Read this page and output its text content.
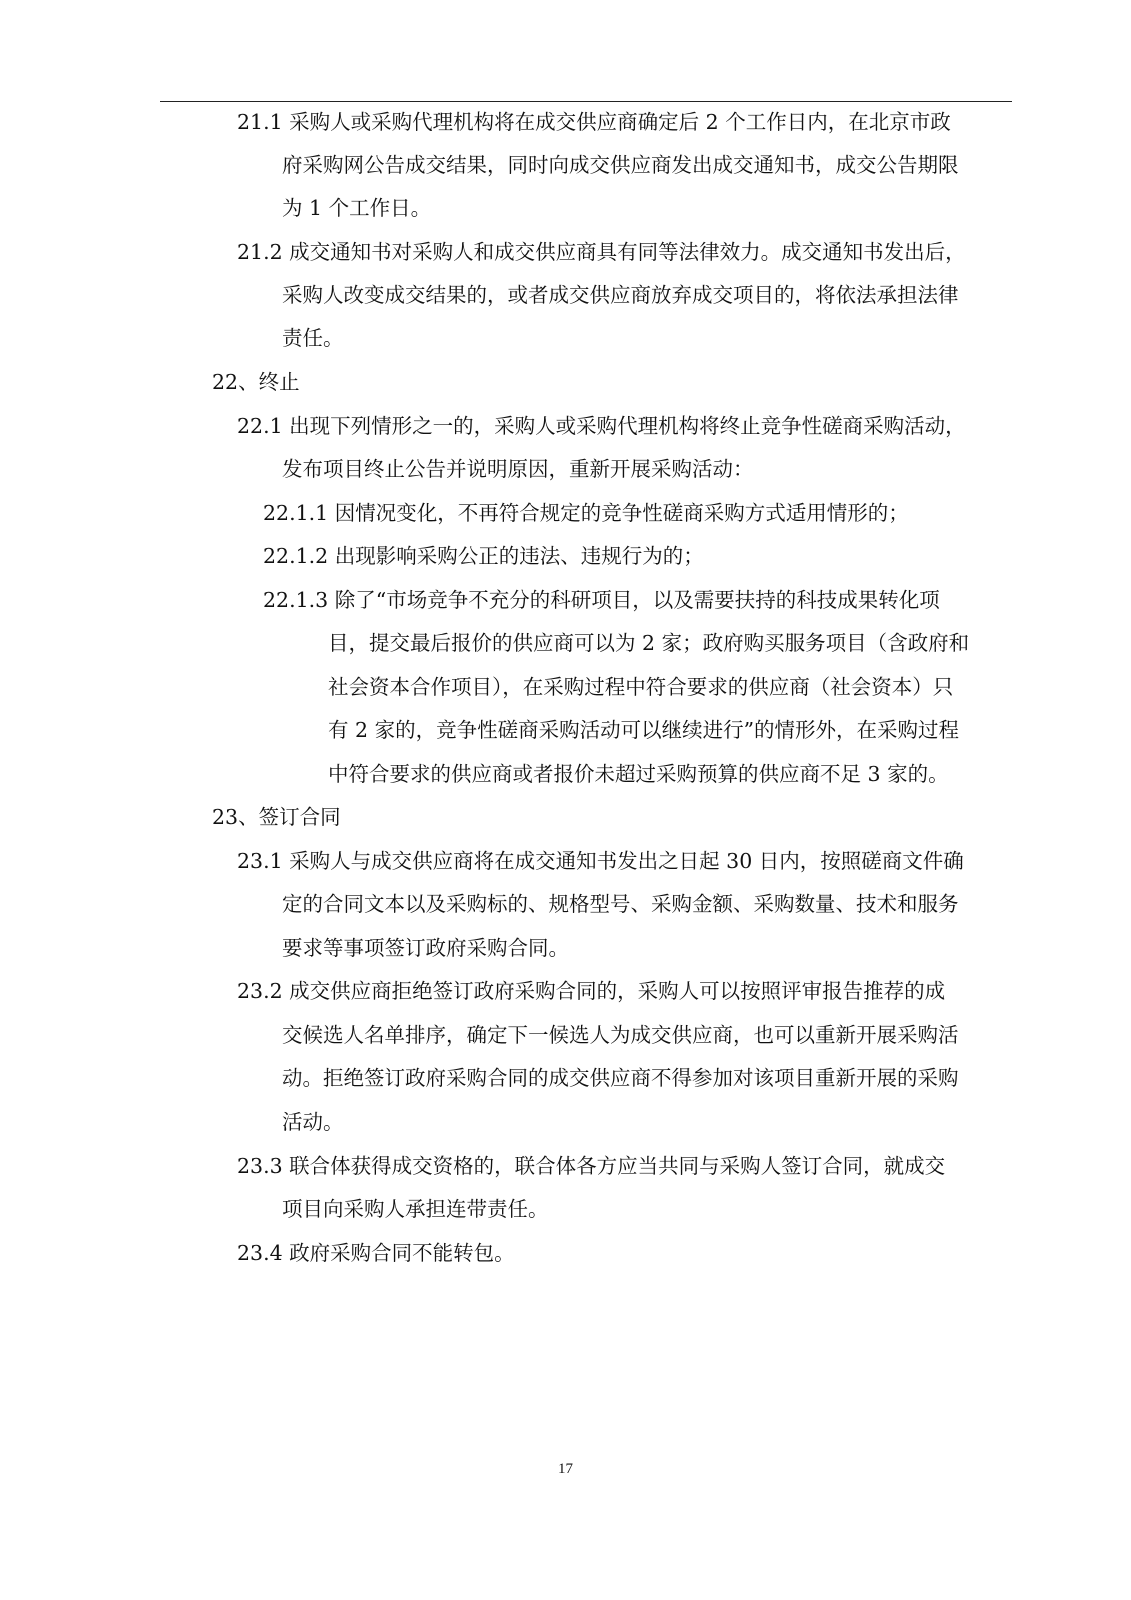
21.1 采购人或采购代理机构将在成交供应商确定后 2 个工作日内，在北京市政
府采购网公告成交结果，同时向成交供应商发出成交通知书，成交公告期限
为 1 个工作日。
21.2 成交通知书对采购人和成交供应商具有同等法律效力。成交通知书发出后，
采购人改变成交结果的，或者成交供应商放弃成交项目的，将依法承担法律
责任。
22、终止
22.1 出现下列情形之一的，采购人或采购代理机构将终止竞争性磋商采购活动，
发布项目终止公告并说明原因，重新开展采购活动：
22.1.1 因情况变化，不再符合规定的竞争性磋商采购方式适用情形的；
22.1.2 出现影响采购公正的违法、违规行为的；
22.1.3 除了“市场竞争不充分的科研项目，以及需要扶持的科技成果转化项
目，提交最后报价的供应商可以为 2 家；政府购买服务项目（含政府和
社会资本合作项目），在采购过程中符合要求的供应商（社会资本）只
有 2 家的，竞争性磋商采购活动可以继续进行”的情形外，在采购过程
中符合要求的供应商或者报价未超过采购预算的供应商不足 3 家的。
23、签订合同
23.1 采购人与成交供应商将在成交通知书发出之日起 30 日内，按照磋商文件确
定的合同文本以及采购标的、规格型号、采购金额、采购数量、技术和服务
要求等事项签订政府采购合同。
23.2 成交供应商拒绝签订政府采购合同的，采购人可以按照评审报告推荐的成
交候选人名单排序，确定下一候选人为成交供应商，也可以重新开展采购活
动。拒绝签订政府采购合同的成交供应商不得参加对该项目重新开展的采购
活动。
23.3 联合体获得成交资格的，联合体各方应当共同与采购人签订合同，就成交
项目向采购人承担连带责任。
23.4 政府采购合同不能转包。
17
